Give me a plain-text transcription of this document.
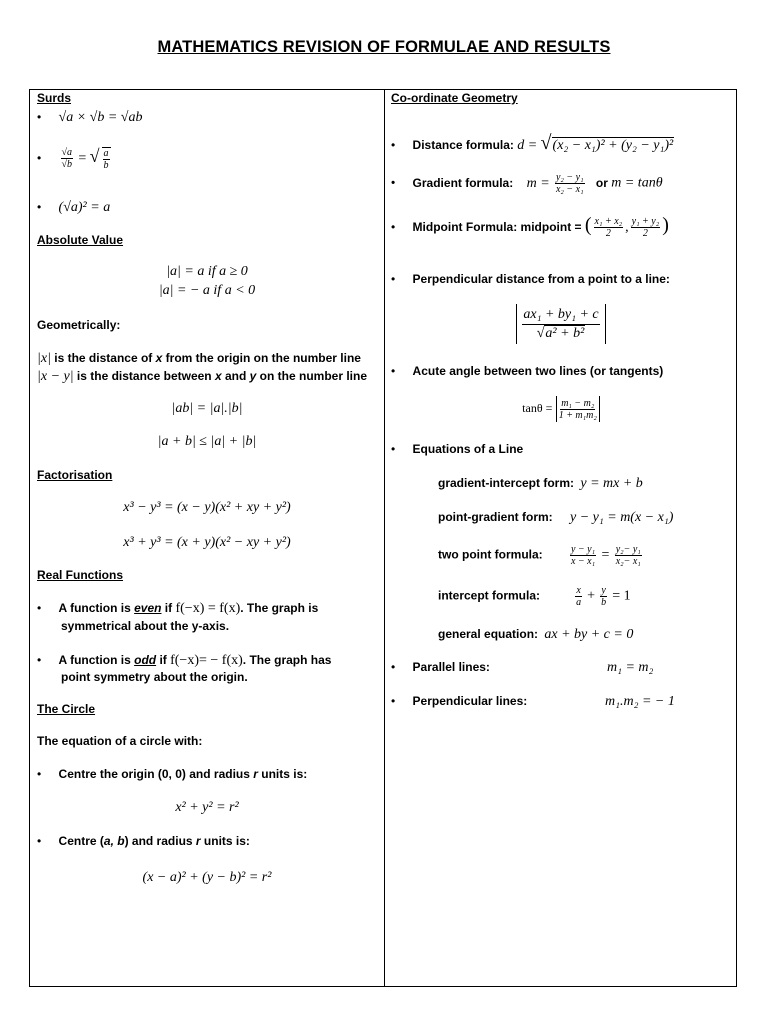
MATHEMATICS REVISION OF FORMULAE AND RESULTS
Surds
• √a × √b = √ab
• $\frac{√a}{√b}$ = √ $\frac{a}{b}$
• (√a)² = a
Absolute Value
|a| = a if a ≥ 0
|a| = − a if a < 0
Geometrically:
|x| is the distance of x from the origin on the number line
|x − y| is the distance between x and y on the number line
|ab| = |a|.|b|
|a + b| ≤ |a| + |b|
Factorisation
x³ − y³ = (x − y)(x² + xy + y²)
x³ + y³ = (x + y)(x² − xy + y²)
Real Functions
• A function is even if f(−x) = f(x). The graph is
symmetrical about the y-axis.
• A function is odd if f(−x)= − f(x). The graph has
point symmetry about the origin.
The Circle
The equation of a circle with:
• Centre the origin (0, 0) and radius r units is:
x² + y² = r²
• Centre (a, b) and radius r units is:
(x − a)² + (y − b)² = r²
Co-ordinate Geometry
• Distance formula: d = √(x₂ − x₁)² + (y₂ − y₁)²
• Gradient formula: $m = \frac{\text{y₂ − y₁}}{\text{x₂ − x₁}}$ or m = tanθ
• Midpoint Formula: midpoint = ( $\frac{\text{x₁ + x₂}}{2}$ , $\frac{\text{y₁ + y₂}}{2}$ )
• Perpendicular distance from a point to a line:

$\frac{\text{ax₁ + by₁ + c}}{\text{√a² + b²}}$

• Acute angle between two lines (or tangents)
$\tan\theta = \frac{\text{m₁ − m₂}}{\text{1 + m₁m₂}}$
• Equations of a Line
gradient-intercept form: y = mx + b
point-gradient form: y − y₁ = m(x − x₁)
two point formula:	$\frac{\text{y − y₁}}{\text{x − x₁}} = \frac{\text{y₂− y₁}}{\text{x₂− x₁}}$
intercept formula:	$\frac{x}{a} + \frac{y}{b} = 1$
general equation: ax + by + c = 0
• Parallel lines:	m₁ = m₂
• Perpendicular lines:	m₁.m₂ = − 1
